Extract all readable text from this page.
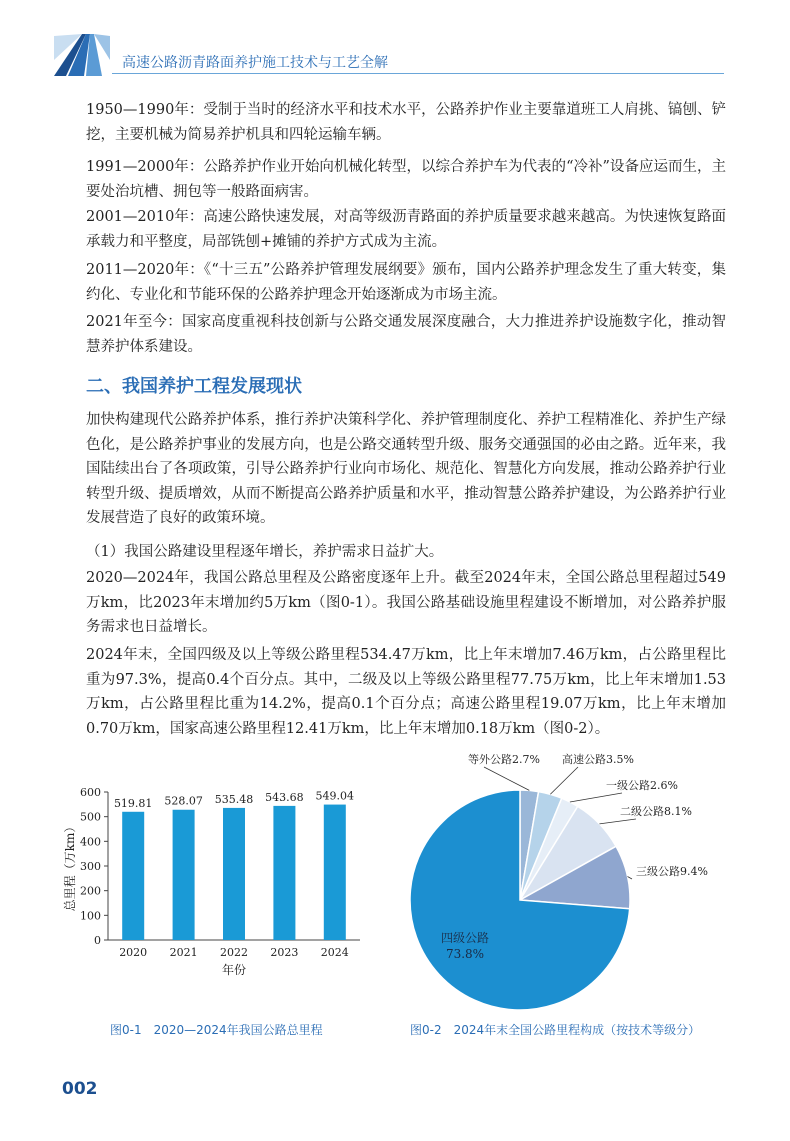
高速公路沥青路面养护施工技术与工艺全解

1950—1990年：受制于当时的经济水平和技术水平，公路养护作业主要靠道班工人肩挑、镐刨、铲挖，主要机械为简易养护机具和四轮运输车辆。

1991—2000年：公路养护作业开始向机械化转型，以综合养护车为代表的“冷补”设备应运而生，主要处治坑槽、拥包等一般路面病害。

2001—2010年：高速公路快速发展，对高等级沥青路面的养护质量要求越来越高。为快速恢复路面承载力和平整度，局部铣刨+摊铺的养护方式成为主流。

2011—2020年：《“十三五”公路养护管理发展纲要》颁布，国内公路养护理念发生了重大转变，集约化、专业化和节能环保的公路养护理念开始逐渐成为市场主流。

2021年至今：国家高度重视科技创新与公路交通发展深度融合，大力推进养护设施数字化，推动智慧养护体系建设。

二、我国养护工程发展现状

加快构建现代公路养护体系，推行养护决策科学化、养护管理制度化、养护工程精准化、养护生产绿色化，是公路养护事业的发展方向，也是公路交通转型升级、服务交通强国的必由之路。近年来，我国陆续出台了各项政策，引导公路养护行业向市场化、规范化、智慧化方向发展，推动公路养护行业转型升级、提质增效，从而不断提高公路养护质量和水平，推动智慧公路养护建设，为公路养护行业发展营造了良好的政策环境。

（1）我国公路建设里程逐年增长，养护需求日益扩大。

2020—2024年，我国公路总里程及公路密度逐年上升。截至2024年末，全国公路总里程超过549万km，比2023年末增加约5万km（图0-1）。我国公路基础设施里程建设不断增加，对公路养护服务需求也日益增长。

2024年末，全国四级及以上等级公路里程534.47万km，比上年末增加7.46万km，占公路里程比重为97.3%，提高0.4个百分点。其中，二级及以上等级公路里程77.75万km，比上年末增加1.53万km，占公路里程比重为14.2%，提高0.1个百分点；高速公路里程19.07万km，比上年末增加0.70万km，国家高速公路里程12.41万km，比上年末增加0.18万km（图0-2）。

0
100
200
300
400
500
600
519.81
2020
528.07
2021
535.48
2022
543.68
2023
549.04
2024
年份
总里程（万km）
等外公路2.7% 高速公路3.5%
一级公路2.6%
二级公路8.1%
三级公路9.4%
四级公路
73.8%
图0-1　2020—2024年我国公路总里程	图0-2　2024年末全国公路里程构成（按技术等级分）
002
